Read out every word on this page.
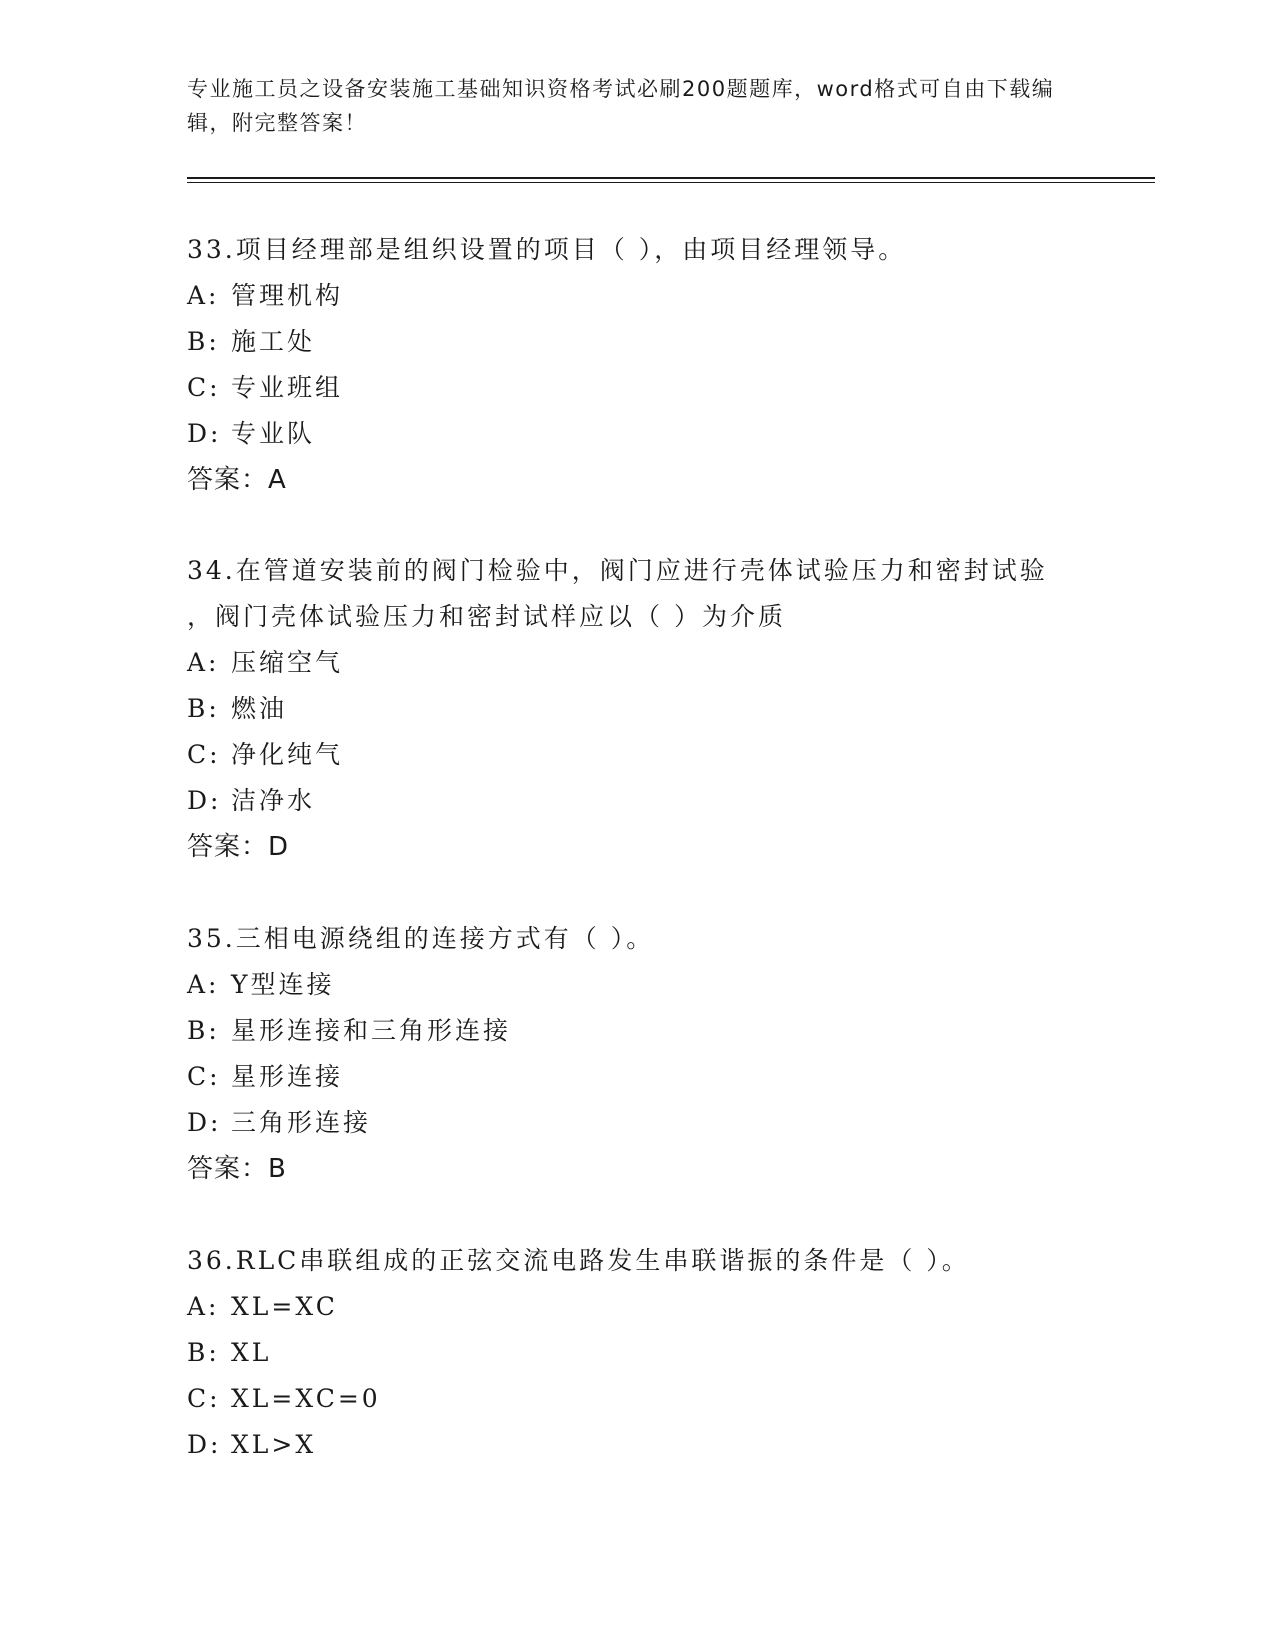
专业施工员之设备安装施工基础知识资格考试必刷200题题库，word格式可自由下载编辑，附完整答案！
33.项目经理部是组织设置的项目（ ），由项目经理领导。
A: 管理机构
B: 施工处
C: 专业班组
D: 专业队
答案：A
34.在管道安装前的阀门检验中，阀门应进行壳体试验压力和密封试验
，阀门壳体试验压力和密封试样应以（ ）为介质
A: 压缩空气
B: 燃油
C: 净化纯气
D: 洁净水
答案：D
35.三相电源绕组的连接方式有（ ）。
A: Y型连接
B: 星形连接和三角形连接
C: 星形连接
D: 三角形连接
答案：B
36.RLC串联组成的正弦交流电路发生串联谐振的条件是（ ）。
A: XL=XC
B: XL
C: XL=XC=0
D: XL>X
